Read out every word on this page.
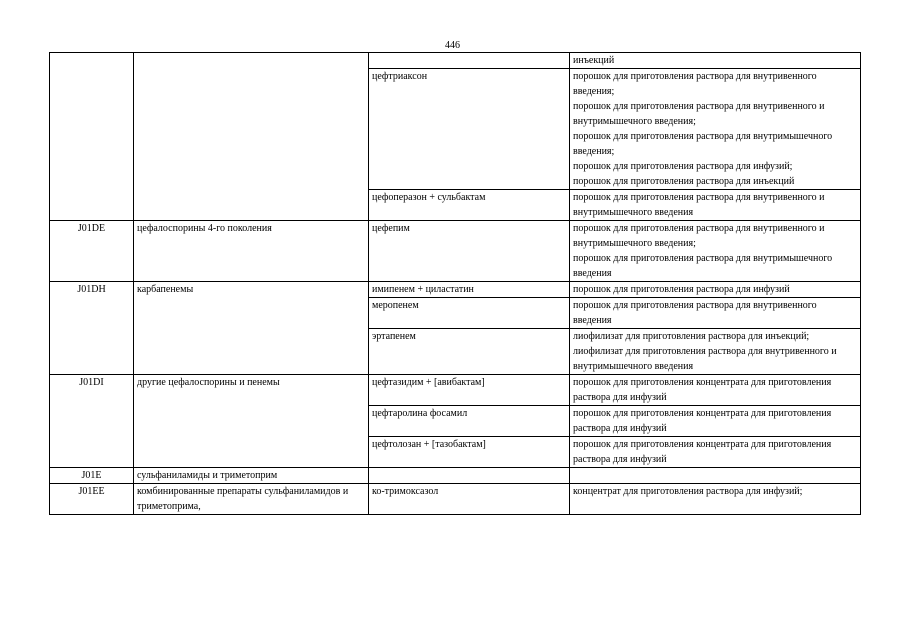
446
			инъекций
		цефтриаксон	порошок для приготовления раствора для внутривенного введения;
порошок для приготовления раствора для внутривенного и внутримышечного введения;
порошок для приготовления раствора для внутримышечного введения;
порошок для приготовления раствора для инфузий;
порошок для приготовления раствора для инъекций
		цефоперазон + сульбактам	порошок для приготовления раствора для внутривенного и внутримышечного введения
J01DE	цефалоспорины 4-го поколения	цефепим	порошок для приготовления раствора для внутривенного и внутримышечного введения;
порошок для приготовления раствора для внутримышечного введения
J01DH	карбапенемы	имипенем + циластатин	порошок для приготовления раствора для инфузий
		меропенем	порошок для приготовления раствора для внутривенного введения
		эртапенем	лиофилизат для приготовления раствора для инъекций;
лиофилизат для приготовления раствора для внутривенного и внутримышечного введения
J01DI	другие цефалоспорины и пенемы	цефтазидим + [авибактам]	порошок для приготовления концентрата для приготовления раствора для инфузий
		цефтаролина фосамил	порошок для приготовления концентрата для приготовления раствора для инфузий
		цефтолозан + [тазобактам]	порошок для приготовления концентрата для приготовления раствора для инфузий
J01E	сульфаниламиды и триметоприм		
J01EE	комбинированные препараты сульфаниламидов и триметоприма,	ко-тримоксазол	концентрат для приготовления раствора для инфузий;
